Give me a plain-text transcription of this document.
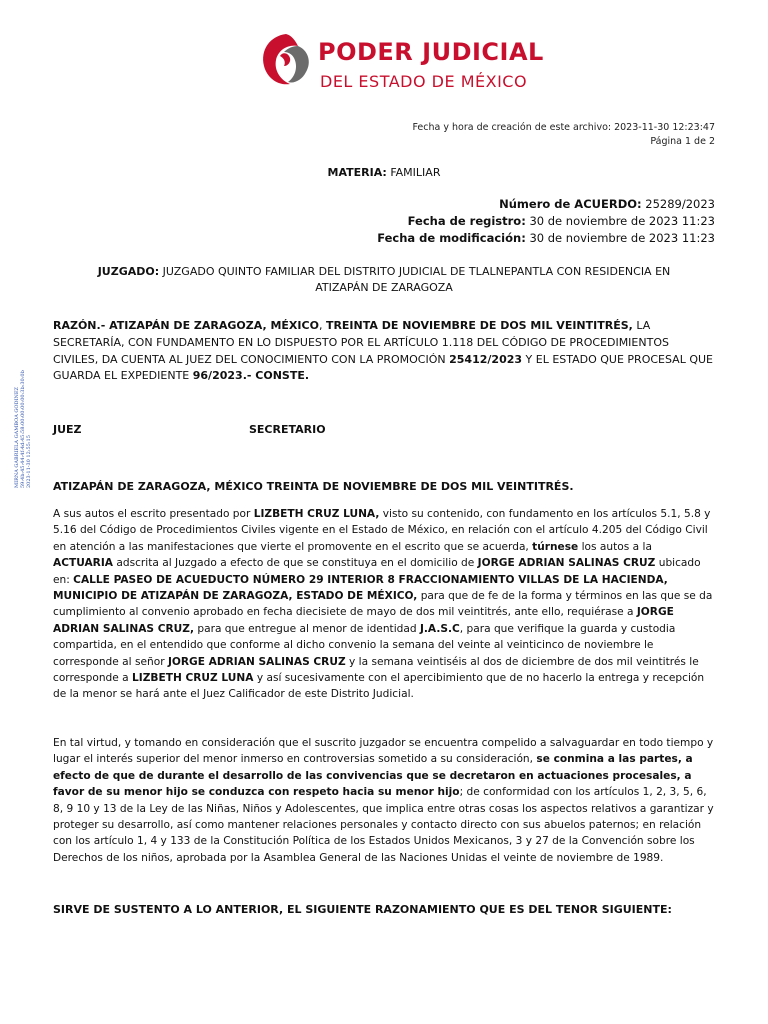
PODER JUDICIAL
DEL ESTADO DE MÉXICO
Fecha y hora de creación de este archivo: 2023-11-30 12:23:47
Página 1 de 2
MATERIA: FAMILIAR
Número de ACUERDO: 25289/2023
Fecha de registro: 30 de noviembre de 2023 11:23
Fecha de modificación: 30 de noviembre de 2023 11:23
JUZGADO: JUZGADO QUINTO FAMILIAR DEL DISTRITO JUDICIAL DE TLALNEPANTLA CON RESIDENCIA EN ATIZAPÁN DE ZARAGOZA
MIRNA GABRIELA GAMBOA GODINEZ 59:4b:45:44:4f:4d:45:58:00:00:00:00:3b:30:0b 2023-11-30 12:55:15
RAZÓN.- ATIZAPÁN DE ZARAGOZA, MÉXICO, TREINTA DE NOVIEMBRE DE DOS MIL VEINTITRÉS, LA SECRETARÍA, CON FUNDAMENTO EN LO DISPUESTO POR EL ARTÍCULO 1.118 DEL CÓDIGO DE PROCEDIMIENTOS CIVILES, DA CUENTA AL JUEZ DEL CONOCIMIENTO CON LA PROMOCIÓN 25412/2023 Y EL ESTADO QUE PROCESAL QUE GUARDA EL EXPEDIENTE 96/2023.- CONSTE.
JUEZ	SECRETARIO
ATIZAPÁN DE ZARAGOZA, MÉXICO TREINTA DE NOVIEMBRE DE DOS MIL VEINTITRÉS.
A sus autos el escrito presentado por LIZBETH CRUZ LUNA, visto su contenido, con fundamento en los artículos 5.1, 5.8 y 5.16 del Código de Procedimientos Civiles vigente en el Estado de México, en relación con el artículo 4.205 del Código Civil en atención a las manifestaciones que vierte el promovente en el escrito que se acuerda, túrnese los autos a la ACTUARIA adscrita al Juzgado a efecto de que se constituya en el domicilio de JORGE ADRIAN SALINAS CRUZ ubicado en: CALLE PASEO DE ACUEDUCTO NÚMERO 29 INTERIOR 8 FRACCIONAMIENTO VILLAS DE LA HACIENDA, MUNICIPIO DE ATIZAPÁN DE ZARAGOZA, ESTADO DE MÉXICO, para que de fe de la forma y términos en las que se da cumplimiento al convenio aprobado en fecha diecisiete de mayo de dos mil veintitrés, ante ello, requiérase a JORGE ADRIAN SALINAS CRUZ, para que entregue al menor de identidad J.A.S.C, para que verifique la guarda y custodia compartida, en el entendido que conforme al dicho convenio la semana del veinte al veinticinco de noviembre le corresponde al señor JORGE ADRIAN SALINAS CRUZ y la semana veintiséis al dos de diciembre de dos mil veintitrés le corresponde a LIZBETH CRUZ LUNA y así sucesivamente con el apercibimiento que de no hacerlo la entrega y recepción de la menor se hará ante el Juez Calificador de este Distrito Judicial.
En tal virtud, y tomando en consideración que el suscrito juzgador se encuentra compelido a salvaguardar en todo tiempo y lugar el interés superior del menor inmerso en controversias sometido a su consideración, se conmina a las partes, a efecto de que de durante el desarrollo de las convivencias que se decretaron en actuaciones procesales, a favor de su menor hijo se conduzca con respeto hacia su menor hijo; de conformidad con los artículos 1, 2, 3, 5, 6, 8, 9 10 y 13 de la Ley de las Niñas, Niños y Adolescentes, que implica entre otras cosas los aspectos relativos a garantizar y proteger su desarrollo, así como mantener relaciones personales y contacto directo con sus abuelos paternos; en relación con los artículo 1, 4 y 133 de la Constitución Política de los Estados Unidos Mexicanos, 3 y 27 de la Convención sobre los Derechos de los niños, aprobada por la Asamblea General de las Naciones Unidas el veinte de noviembre de 1989.
SIRVE DE SUSTENTO A LO ANTERIOR, EL SIGUIENTE RAZONAMIENTO QUE ES DEL TENOR SIGUIENTE:
